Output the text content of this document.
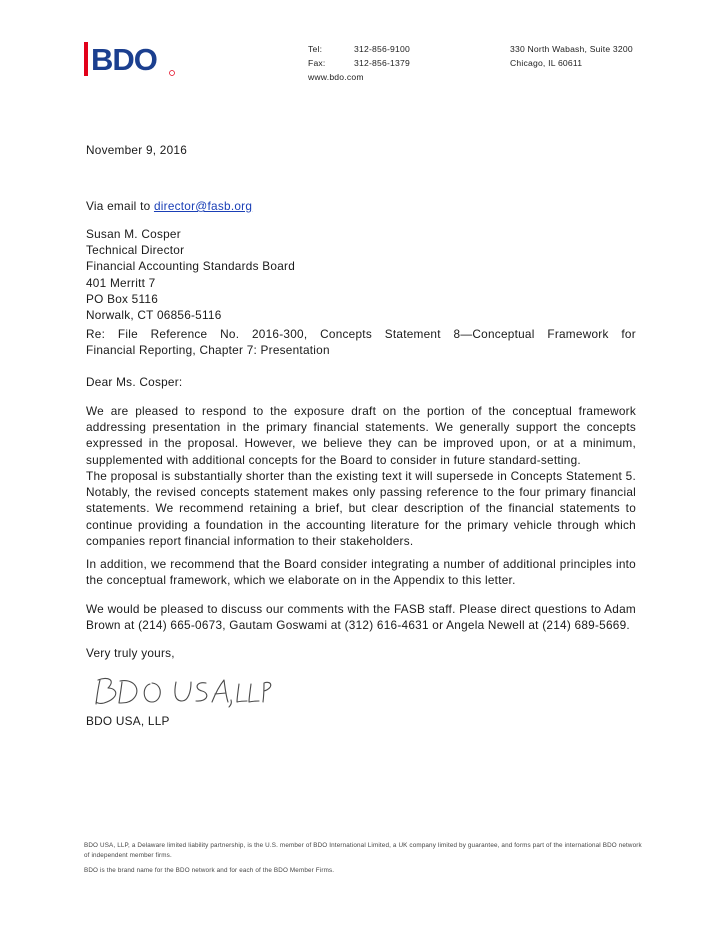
BDO	Tel:	312-856-9100
Fax:	312-856-1379
www.bdo.com
330 North Wabash, Suite 3200
Chicago, IL 60611
November 9, 2016
Via email to director@fasb.org
Susan M. Cosper
Technical Director
Financial Accounting Standards Board
401 Merritt 7
PO Box 5116
Norwalk, CT 06856-5116
Re: File Reference No. 2016-300, Concepts Statement 8—Conceptual Framework for
Financial Reporting, Chapter 7: Presentation
Dear Ms. Cosper:
We are pleased to respond to the exposure draft on the portion of the conceptual framework addressing presentation in the primary financial statements. We generally support the concepts expressed in the proposal. However, we believe they can be improved upon, or at a minimum, supplemented with additional concepts for the Board to consider in future standard-setting.
The proposal is substantially shorter than the existing text it will supersede in Concepts Statement 5. Notably, the revised concepts statement makes only passing reference to the four primary financial statements. We recommend retaining a brief, but clear description of the financial statements to continue providing a foundation in the accounting literature for the primary vehicle through which companies report financial information to their stakeholders.
In addition, we recommend that the Board consider integrating a number of additional principles into the conceptual framework, which we elaborate on in the Appendix to this letter.
We would be pleased to discuss our comments with the FASB staff. Please direct questions to Adam Brown at (214) 665-0673, Gautam Goswami at (312) 616-4631 or Angela Newell at (214) 689-5669.
Very truly yours,
BDO USA, LLP
BDO USA, LLP, a Delaware limited liability partnership, is the U.S. member of BDO International Limited, a UK company limited by guarantee, and forms part of the international BDO network of independent member firms.
BDO is the brand name for the BDO network and for each of the BDO Member Firms.
